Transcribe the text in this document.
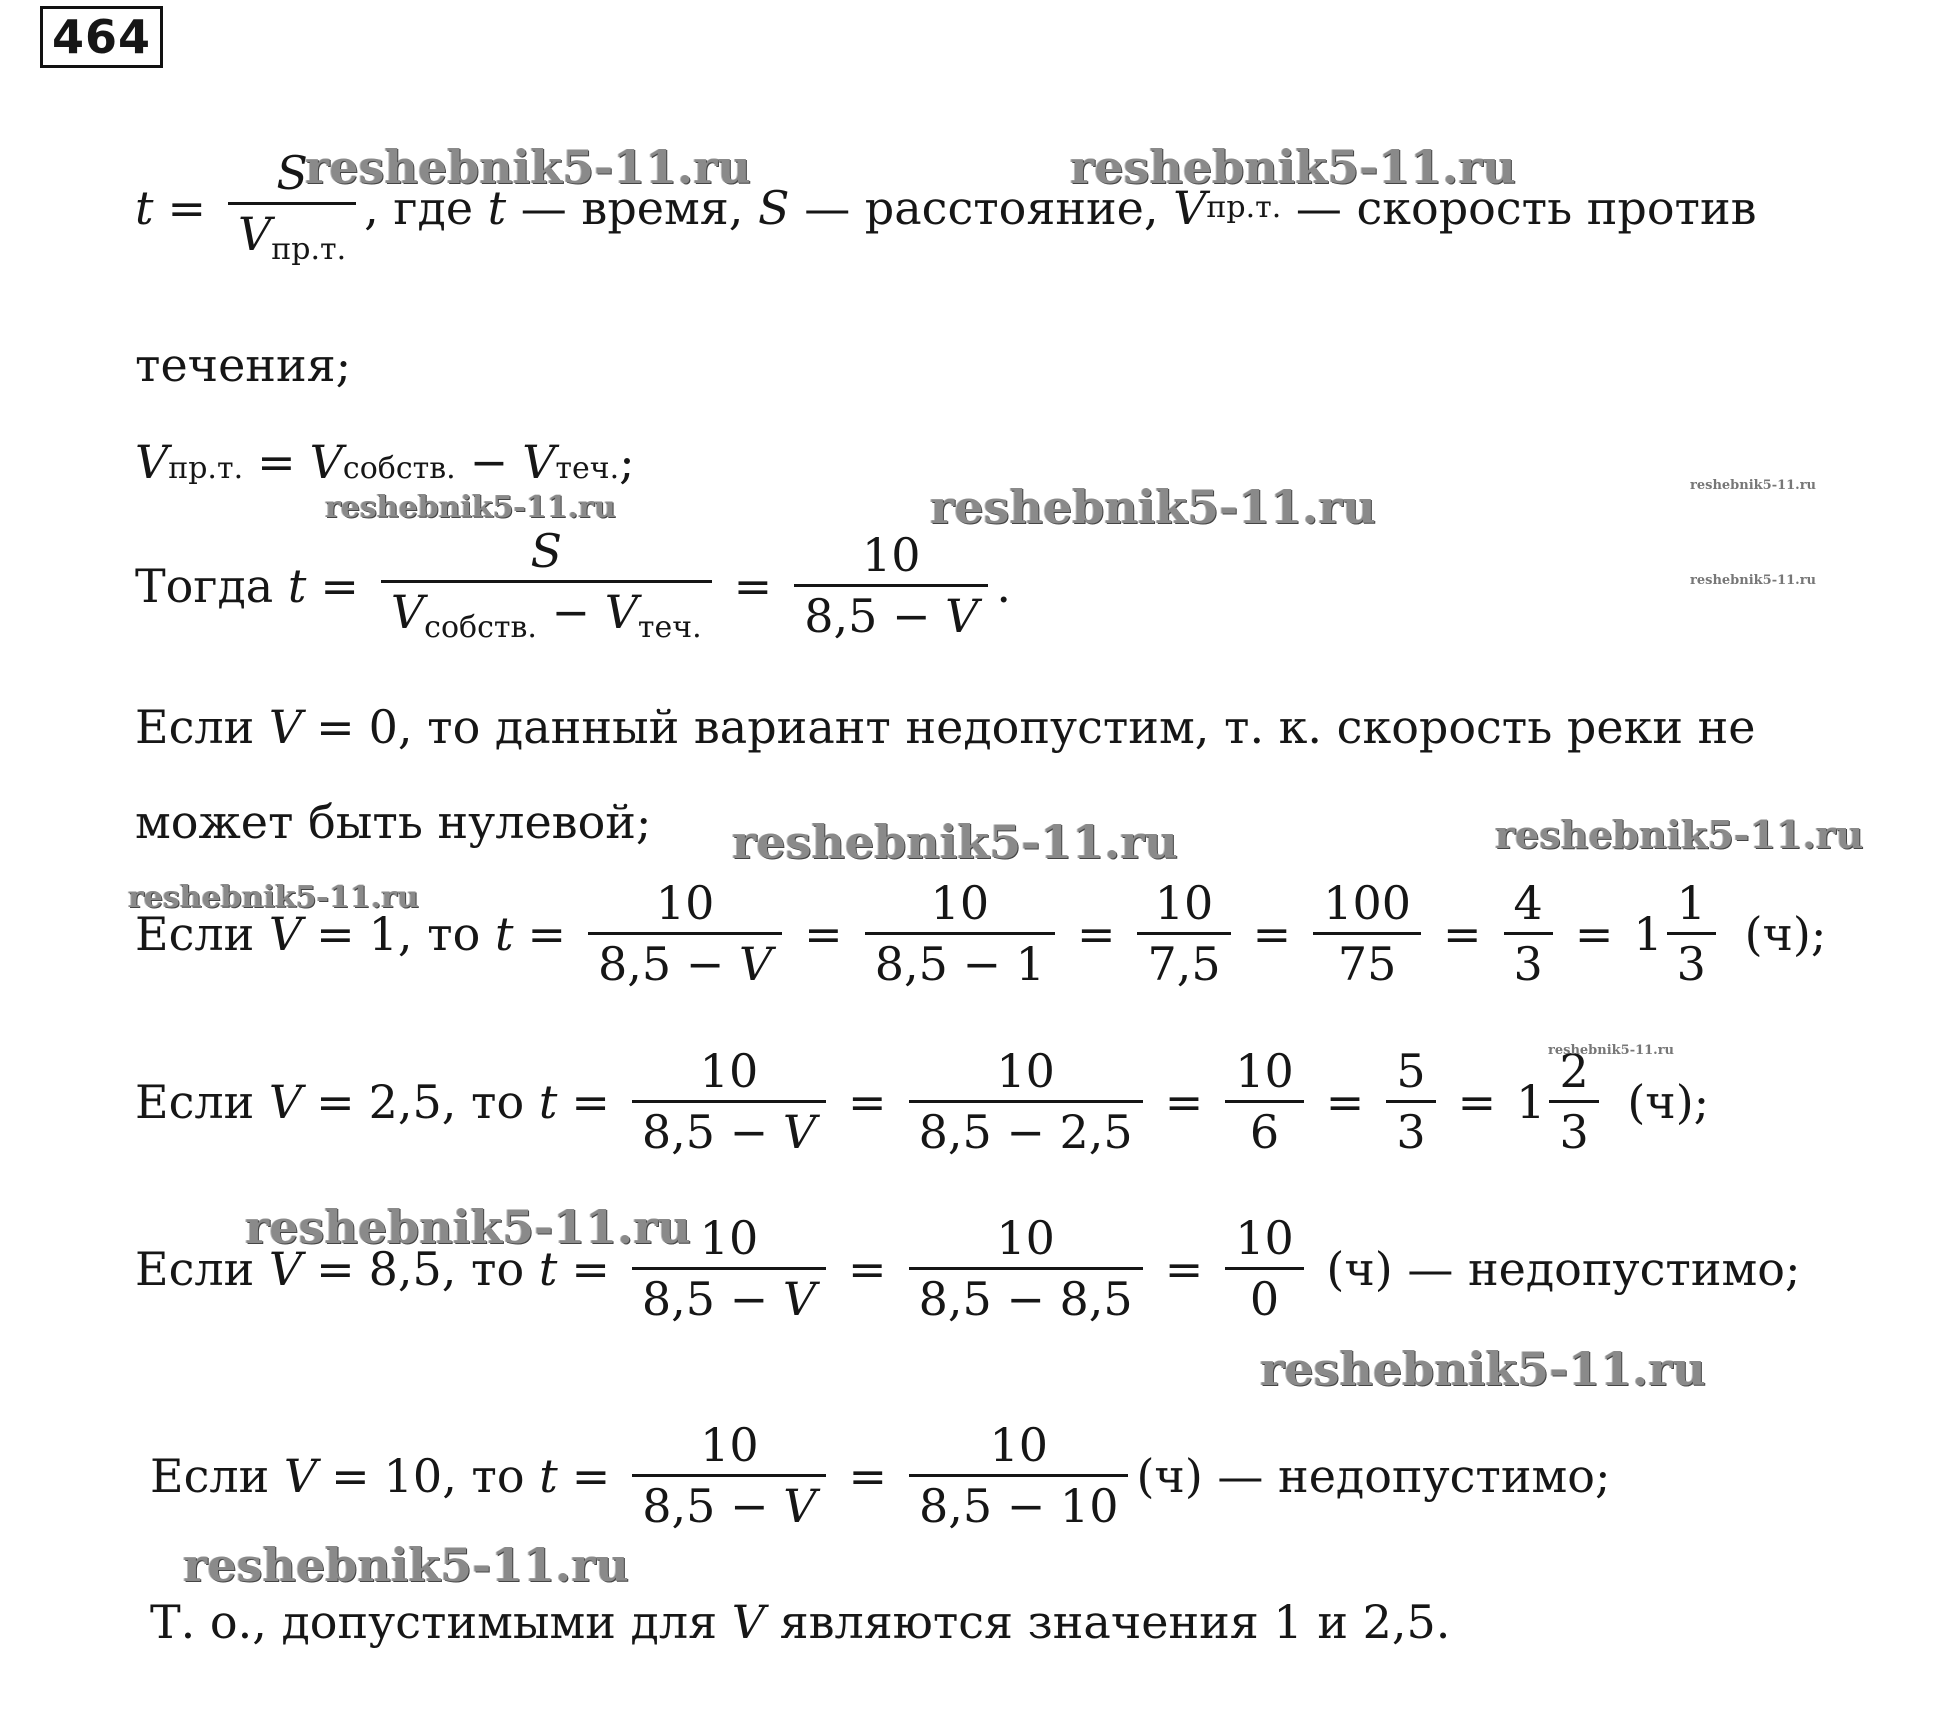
464
$t = \frac{S}{V_{пр.т.}}$ , где
t
— время,
S
— расстояние,
V пр.т.
— скорость против
течения;
V пр.т. = V собств. − V теч. ;
Тогда
$t = \frac{S}{V_{собств.} - V_{теч.}} = \frac{10}{8,5 - V}$ .
Если
V = 0 , то данный вариант недопустим, т. к. скорость реки не
может быть нулевой;
Если
V = 1 , то
$t = \frac{10}{8,5 - V} = \frac{10}{8,5 - 1} = \frac{10}{7,5} = \frac{100}{75} = \frac{4}{3} = 1 \frac{1}{3}$
(ч) ;
Если
V = 2,5 , то
$t = \frac{10}{8,5 - V} = \frac{10}{8,5 - 2,5} = \frac{10}{6} = \frac{5}{3} = 1 \frac{2}{3}$
(ч) ;
Если
V = 8,5 , то
$t = \frac{10}{8,5 - V} = \frac{10}{8,5 - 8,5} = \frac{10}{0}$
(ч)
— недопустимо;
Если
V = 10 , то
$t = \frac{10}{8,5 - V} = \frac{10}{8,5 - 10} (ч)$
— недопустимо;
Т. о., допустимыми для
V
являются значения 1 и 2,5.
reshebnik5-11.ru	reshebnik5-11.ru
reshebnik5-11.ru	reshebnik5-11.ru	reshebnik5-11.ru
reshebnik5-11.ru
reshebnik5-11.ru	reshebnik5-11.ru
reshebnik5-11.ru
reshebnik5-11.ru
reshebnik5-11.ru
reshebnik5-11.ru
reshebnik5-11.ru
